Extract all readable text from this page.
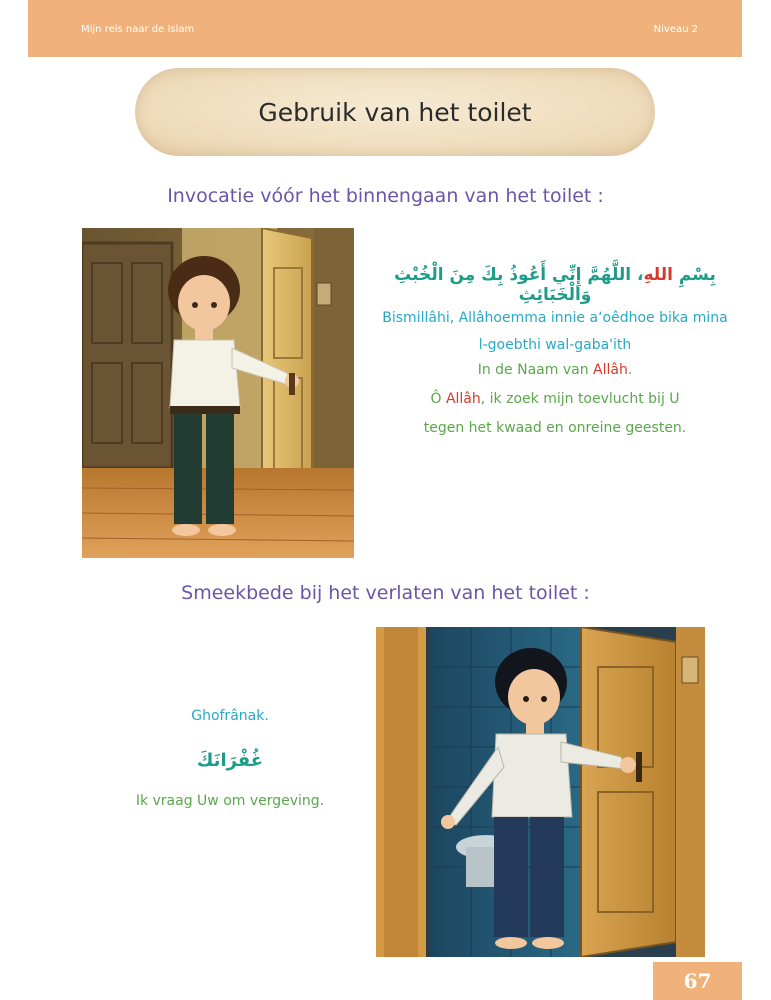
Mijn reis naar de Islam	Niveau 2
Gebruik van het toilet
Invocatie vóór het binnengaan van het toilet :
بِسْمِ اللهِ، اللَّهُمَّ إِنِّي أَعُوذُ بِكَ مِنَ الْخُبْثِ وَالْخَبَائِثِ
Bismillâhi, Allâhoemma innie a‘oêdhoe bika mina
l-goebthi wal-gaba'ith
In de Naam van Allâh.
Ô Allâh, ik zoek mijn toevlucht bij U
tegen het kwaad en onreine geesten.
Smeekbede bij het verlaten van het toilet :
Ghofrânak.
غُفْرَانَكَ
Ik vraag Uw om vergeving.
67
